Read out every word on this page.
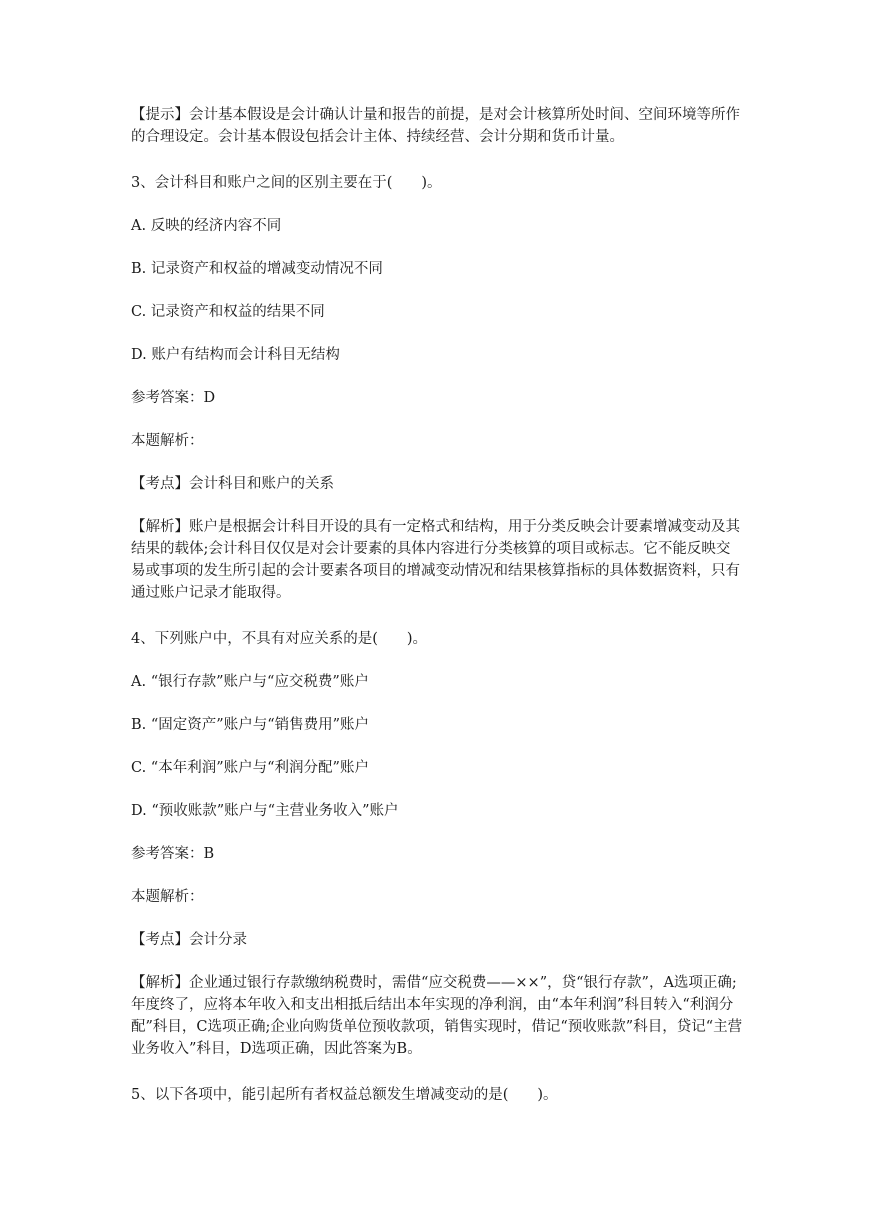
【提示】会计基本假设是会计确认计量和报告的前提，是对会计核算所处时间、空间环境等所作的合理设定。会计基本假设包括会计主体、持续经营、会计分期和货币计量。

3、会计科目和账户之间的区别主要在于(　　)。

A. 反映的经济内容不同

B. 记录资产和权益的增减变动情况不同

C. 记录资产和权益的结果不同

D. 账户有结构而会计科目无结构

参考答案：D

本题解析：

【考点】会计科目和账户的关系

【解析】账户是根据会计科目开设的具有一定格式和结构，用于分类反映会计要素增减变动及其结果的载体;会计科目仅仅是对会计要素的具体内容进行分类核算的项目或标志。它不能反映交易或事项的发生所引起的会计要素各项目的增减变动情况和结果核算指标的具体数据资料，只有通过账户记录才能取得。

4、下列账户中，不具有对应关系的是(　　)。

A. “银行存款”账户与“应交税费”账户

B. “固定资产”账户与“销售费用”账户

C. “本年利润”账户与“利润分配”账户

D. “预收账款”账户与“主营业务收入”账户

参考答案：B

本题解析：

【考点】会计分录

【解析】企业通过银行存款缴纳税费时，需借“应交税费——××”，贷“银行存款”，A选项正确;年度终了，应将本年收入和支出相抵后结出本年实现的净利润，由“本年利润”科目转入“利润分配”科目，C选项正确;企业向购货单位预收款项，销售实现时，借记“预收账款”科目，贷记“主营业务收入”科目，D选项正确，因此答案为B。

5、以下各项中，能引起所有者权益总额发生增减变动的是(　　)。
